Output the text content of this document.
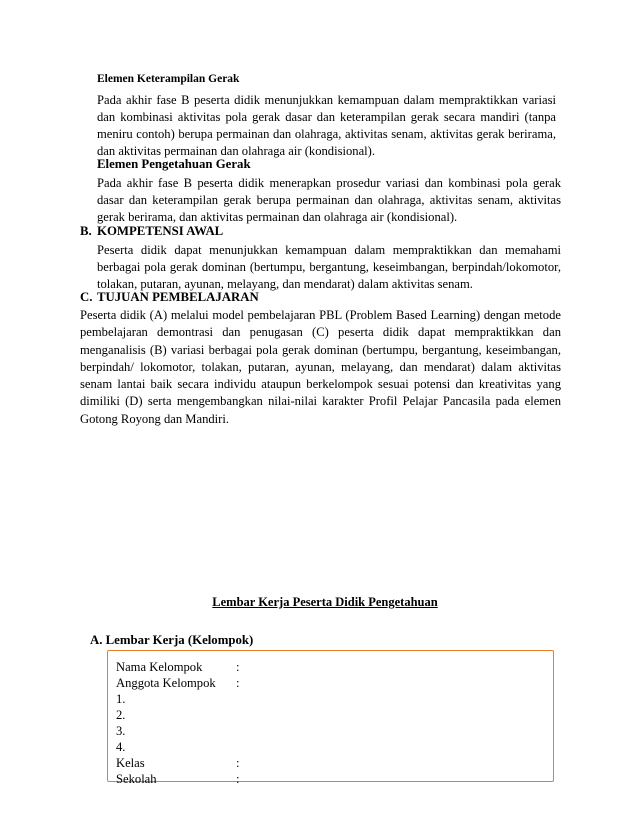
Elemen Keterampilan Gerak
Pada akhir fase B peserta didik menunjukkan kemampuan dalam mempraktikkan variasi dan kombinasi aktivitas pola gerak dasar dan keterampilan gerak secara mandiri (tanpa meniru contoh) berupa permainan dan olahraga, aktivitas senam, aktivitas gerak berirama, dan aktivitas permainan dan olahraga air (kondisional).
Elemen Pengetahuan Gerak
Pada akhir fase B peserta didik menerapkan prosedur variasi dan kombinasi pola gerak dasar dan keterampilan gerak berupa permainan dan olahraga, aktivitas senam, aktivitas gerak berirama, dan aktivitas permainan dan olahraga air (kondisional).
B. KOMPETENSI AWAL
Peserta didik dapat menunjukkan kemampuan dalam mempraktikkan dan memahami berbagai pola gerak dominan (bertumpu, bergantung, keseimbangan, berpindah/lokomotor, tolakan, putaran, ayunan, melayang, dan mendarat) dalam aktivitas senam.
C. TUJUAN PEMBELAJARAN
Peserta didik (A) melalui model pembelajaran PBL (Problem Based Learning) dengan metode pembelajaran demontrasi dan penugasan (C) peserta didik dapat mempraktikkan dan menganalisis (B) variasi berbagai pola gerak dominan (bertumpu, bergantung, keseimbangan, berpindah/ lokomotor, tolakan, putaran, ayunan, melayang, dan mendarat) dalam aktivitas senam lantai baik secara individu ataupun berkelompok sesuai potensi dan kreativitas yang dimiliki (D) serta mengembangkan nilai-nilai karakter Profil Pelajar Pancasila pada elemen Gotong Royong dan Mandiri.
Lembar Kerja Peserta Didik Pengetahuan
A. Lembar Kerja (Kelompok)
Nama Kelompok	:
Anggota Kelompok :
1.
2.
3.
4.
Kelas	:
Sekolah	:
